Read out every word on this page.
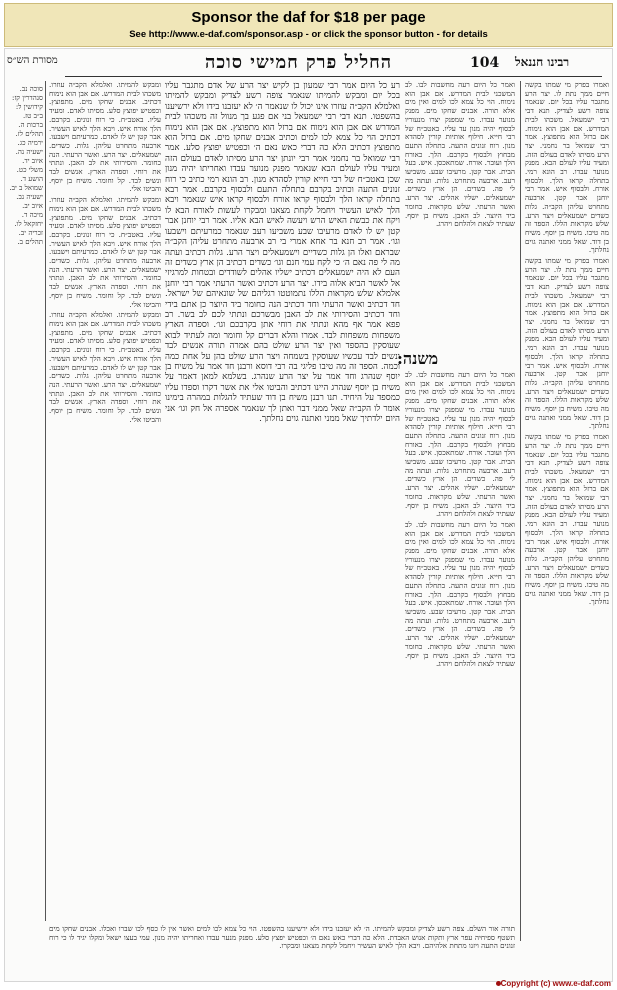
Sponsor the daf for $18 per page
See http://www.e-daf.com/sponsor.asp - or click the sponsor button - for details
מסורת הש״ס	החליל פרק חמישי סוכה	104 רבינו חננאל

ואמרו בפרק מי שמתו בקשה חיים ממך נתת לו. יצר הרע מתגבר עליו בכל יום. שנאמר צופה רשע לצדיק. תנא דבי רבי ישמעאל. משכהו לבית המדרש. אם אבן הוא נימוח. אם ברזל הוא מתפוצץ. אמר רבי שמואל בר נחמני. יצר הרע מסיתו לאדם בעולם הזה. ומעיד עליו לעולם הבא. מפנק מנוער עבדו. רב הונא רמי. בתחלה קראו הלך. ולבסוף אורח. ולבסוף איש. אמר רבי יוחנן אבר קטן. ארבעה מתחרט עליהן הקב״ה. גלות כשדים ישמעאלים ויצר הרע. שלש מקראות הללו. הספד זה מה טיבו. משיח בן יוסף. משיח בן דוד. שאל ממני ואתנה גוים נחלתך.

ואמרו בפרק מי שמתו בקשה חיים ממך נתת לו. יצר הרע מתגבר עליו בכל יום. שנאמר צופה רשע לצדיק. תנא דבי רבי ישמעאל. משכהו לבית המדרש. אם אבן הוא נימוח. אם ברזל הוא מתפוצץ. אמר רבי שמואל בר נחמני. יצר הרע מסיתו לאדם בעולם הזה. ומעיד עליו לעולם הבא. מפנק מנוער עבדו. רב הונא רמי. בתחלה קראו הלך. ולבסוף אורח. ולבסוף איש. אמר רבי יוחנן אבר קטן. ארבעה מתחרט עליהן הקב״ה. גלות כשדים ישמעאלים ויצר הרע. שלש מקראות הללו. הספד זה מה טיבו. משיח בן יוסף. משיח בן דוד. שאל ממני ואתנה גוים נחלתך.

ואמרו בפרק מי שמתו בקשה חיים ממך נתת לו. יצר הרע מתגבר עליו בכל יום. שנאמר צופה רשע לצדיק. תנא דבי רבי ישמעאל. משכהו לבית המדרש. אם אבן הוא נימוח. אם ברזל הוא מתפוצץ. אמר רבי שמואל בר נחמני. יצר הרע מסיתו לאדם בעולם הזה. ומעיד עליו לעולם הבא. מפנק מנוער עבדו. רב הונא רמי. בתחלה קראו הלך. ולבסוף אורח. ולבסוף איש. אמר רבי יוחנן אבר קטן. ארבעה מתחרט עליהן הקב״ה. גלות כשדים ישמעאלים ויצר הרע. שלש מקראות הללו. הספד זה מה טיבו. משיח בן יוסף. משיח בן דוד. שאל ממני ואתנה גוים נחלתך.

ואמר כל היום רעה מחשבות לבו. לב המשכני לבית המדרש. אם אבן הוא נימוח. הוי כל צמא לכו למים ואין מים אלא תורה. אבנים שחקו מים. מפנק מנוער עבדו. מי שמפנק יצרו מנעוריו לבסוף יהיה מנון עד עליו. באטב״ח של רבי חייא. חילוף אותיות קורין לסהדא מנון. רוח זנונים התעה. בתחלה התעם מבחוץ ולבסוף בקרבם. הלך. כאורח הלך ועובר. אורח. שמתאכסן. איש. בעל הבית. אבר קטן. מרעיבו שבע. משביעו רעב. ארבעה מתחרט. גלות. ועתה מה לי פה. כשדים. הן ארץ כשדים. ישמעאלים. ישליו אהלים. יצר הרע. ואשר הרעתי. שלש מקראות. כחומר ביד היוצר. לב האבן. משיח בן יוסף. שעתיד לצאת ולהלחם ויהרג.

משנה:

רע כל היום אמר רבי שמעון בן לקיש יצר הרע של אדם מתגבר עליו בכל יום ומבקש להמיתו שנאמר צופה רשע לצדיק ומבקש להמיתו ואלמלא הקב״ה עוזרו אינו יכול לו שנאמר ה׳ לא יעזבנו בידו ולא ירשיענו בהשפטו. תנא דבי רבי ישמעאל בני אם פגע בך מנוול זה משכהו לבית המדרש אם אבן הוא נימוח אם ברזל הוא מתפוצץ. אם אבן הוא נימוח דכתיב הוי כל צמא לכו למים וכתיב אבנים שחקו מים. אם ברזל הוא מתפוצץ דכתיב הלא כה דברי כאש נאם ה׳ וכפטיש יפוצץ סלע. אמר רבי שמואל בר נחמני אמר רבי יונתן יצר הרע מסיתו לאדם בעולם הזה ומעיד עליו לעולם הבא שנאמר מפנק מנוער עבדו ואחריתו יהיה מנון שכן באטב״ח של רבי חייא קורין לסהדא מנון. רב הונא רמי כתיב כי רוח זנונים התעה וכתיב בקרבם בתחלה התעם ולבסוף בקרבם. אמר רבא בתחלה קראו הלך ולבסוף קראו אורח ולבסוף קראו איש שנאמר ויבא הלך לאיש העשיר ויחמל לקחת מצאנו ומבקרו לעשות לאורח הבא לו ויקח את כבשת האיש הרש ויעשה לאיש הבא אליו. אמר רבי יוחנן אבר קטן יש לו לאדם מרעיבו שבע משביעו רעב שנאמר כמרעיתם וישבעו וגו׳. אמר רב חנא בר אחא אמרי בי רב ארבעה מתחרט עליהן הקב״ה שבראם ואלו הן גלות כשדיים וישמעאלים ויצר הרע. גלות דכתיב ועתה מה לי פה נאם ה׳ כי לקח עמי חנם וגו׳ כשדים דכתיב הן ארץ כשדים זה העם לא היה ישמעאלים דכתיב ישליו אהלים לשודדים ובטחות למרגיזי אל לאשר הביא אלוה בידו. יצר הרע דכתיב ואשר הרעתי אמר רבי יוחנן אלמלא שלש מקראות הללו נתמוטטו רגליהם של שונאיהם של ישראל. חד דכתיב ואשר הרעתי וחד דכתיב הנה כחומר ביד היוצר כן אתם בידי וחד דכתיב והסירותי את לב האבן מבשרכם ונתתי לכם לב בשר. רב פפא אמר אף מהא ונתתי את רוחי אתן בקרבכם וגו׳. וספדה הארץ משפחות משפחות לבד. אמרו והלא דברים קל וחומר ומה לעתיד לבוא שעוסקין בהספד ואין יצר הרע שולט בהם אמרה תורה אנשים לבד ונשים לבד עכשיו שעוסקין בשמחה ויצר הרע שולט בהן על אחת כמה וכמה. הספד זה מה טיבו פליגי בה רבי דוסא ורבנן חד אמר על משיח בן יוסף שנהרג וחד אמר על יצר הרע שנהרג. בשלמא למאן דאמר על משיח בן יוסף שנהרג היינו דכתיב והביטו אלי את אשר דקרו וספדו עליו כמספד על היחיד. תנו רבנן משיח בן דוד שעתיד להגלות במהרה בימינו אומר לו הקב״ה שאל ממני דבר ואתן לך שנאמר אספרה אל חק וגו׳ אני היום ילדתיך שאל ממני ואתנה גוים נחלתך.

ואמר כל היום רעה מחשבות לבו. לב המשכני לבית המדרש. אם אבן הוא נימוח. הוי כל צמא לכו למים ואין מים אלא תורה. אבנים שחקו מים. מפנק מנוער עבדו. מי שמפנק יצרו מנעוריו לבסוף יהיה מנון עד עליו. באטב״ח של רבי חייא. חילוף אותיות קורין לסהדא מנון. רוח זנונים התעה. בתחלה התעם מבחוץ ולבסוף בקרבם. הלך. כאורח הלך ועובר. אורח. שמתאכסן. איש. בעל הבית. אבר קטן. מרעיבו שבע. משביעו רעב. ארבעה מתחרט. גלות. ועתה מה לי פה. כשדים. הן ארץ כשדים. ישמעאלים. ישליו אהלים. יצר הרע. ואשר הרעתי. שלש מקראות. כחומר ביד היוצר. לב האבן. משיח בן יוסף. שעתיד לצאת ולהלחם ויהרג.

ואמר כל היום רעה מחשבות לבו. לב המשכני לבית המדרש. אם אבן הוא נימוח. הוי כל צמא לכו למים ואין מים אלא תורה. אבנים שחקו מים. מפנק מנוער עבדו. מי שמפנק יצרו מנעוריו לבסוף יהיה מנון עד עליו. באטב״ח של רבי חייא. חילוף אותיות קורין לסהדא מנון. רוח זנונים התעה. בתחלה התעם מבחוץ ולבסוף בקרבם. הלך. כאורח הלך ועובר. אורח. שמתאכסן. איש. בעל הבית. אבר קטן. מרעיבו שבע. משביעו רעב. ארבעה מתחרט. גלות. ועתה מה לי פה. כשדים. הן ארץ כשדים. ישמעאלים. ישליו אהלים. יצר הרע. ואשר הרעתי. שלש מקראות. כחומר ביד היוצר. לב האבן. משיח בן יוסף. שעתיד לצאת ולהלחם ויהרג.

ומבקש להמיתו. ואלמלא הקב״ה עוזרו. משכהו לבית המדרש. אם אבן הוא נימוח דכתיב. אבנים שחקו מים. מתפוצץ. וכפטיש יפוצץ סלע. מסיתו לאדם. ומעיד עליו. באטב״ח. כי רוח זנונים. בקרבם. הלך אורח איש. ויבא הלך לאיש העשיר. אבר קטן יש לו לאדם. כמרעיתם וישבעו. ארבעה מתחרט עליהן. גלות. כשדים. ישמעאלים. יצר הרע. ואשר הרעתי. הנה כחומר. והסירותי את לב האבן. ונתתי את רוחי. וספדה הארץ. אנשים לבד ונשים לבד. קל וחומר. משיח בן יוסף. והביטו אלי.

ומבקש להמיתו. ואלמלא הקב״ה עוזרו. משכהו לבית המדרש. אם אבן הוא נימוח דכתיב. אבנים שחקו מים. מתפוצץ. וכפטיש יפוצץ סלע. מסיתו לאדם. ומעיד עליו. באטב״ח. כי רוח זנונים. בקרבם. הלך אורח איש. ויבא הלך לאיש העשיר. אבר קטן יש לו לאדם. כמרעיתם וישבעו. ארבעה מתחרט עליהן. גלות. כשדים. ישמעאלים. יצר הרע. ואשר הרעתי. הנה כחומר. והסירותי את לב האבן. ונתתי את רוחי. וספדה הארץ. אנשים לבד ונשים לבד. קל וחומר. משיח בן יוסף. והביטו אלי.

ומבקש להמיתו. ואלמלא הקב״ה עוזרו. משכהו לבית המדרש. אם אבן הוא נימוח דכתיב. אבנים שחקו מים. מתפוצץ. וכפטיש יפוצץ סלע. מסיתו לאדם. ומעיד עליו. באטב״ח. כי רוח זנונים. בקרבם. הלך אורח איש. ויבא הלך לאיש העשיר. אבר קטן יש לו לאדם. כמרעיתם וישבעו. ארבעה מתחרט עליהן. גלות. כשדים. ישמעאלים. יצר הרע. ואשר הרעתי. הנה כחומר. והסירותי את לב האבן. ונתתי את רוחי. וספדה הארץ. אנשים לבד ונשים לבד. קל וחומר. משיח בן יוסף. והביטו אלי.

סוכה נב. סנהדרין קז: קידושין ל: ב״ב טז. ברכות ה. תהלים לז. ירמיה כג. ישעיה נה. איוב יד. משלי כט. הושע ד. שמואל ב יב. ישעיה נב. איוב יב. מיכה ד. יחזקאל לו. זכריה יב. תהלים ב.

תורה אור השלם. צפה רשע לצדיק ומבקש להמיתו. ה׳ לא יעזבנו בידו ולא ירשיענו בהשפטו. הוי כל צמא לכו למים ואשר אין לו כסף לכו שברו ואכלו. אבנים שחקו מים תשטף ספיחיה עפר ארץ ותקות אנוש האבדת. הלא כה דברי כאש נאם ה׳ וכפטיש יפצץ סלע. מפנק מנער עבדו ואחריתו יהיה מנון. עמי בעצו ישאל ומקלו יגיד לו כי רוח זנונים התעה ויזנו מתחת אלהיהם. ויבא הלך לאיש העשיר ויחמל לקחת מצאנו ומבקרו.

Copyright (c) www.e-daf.com
